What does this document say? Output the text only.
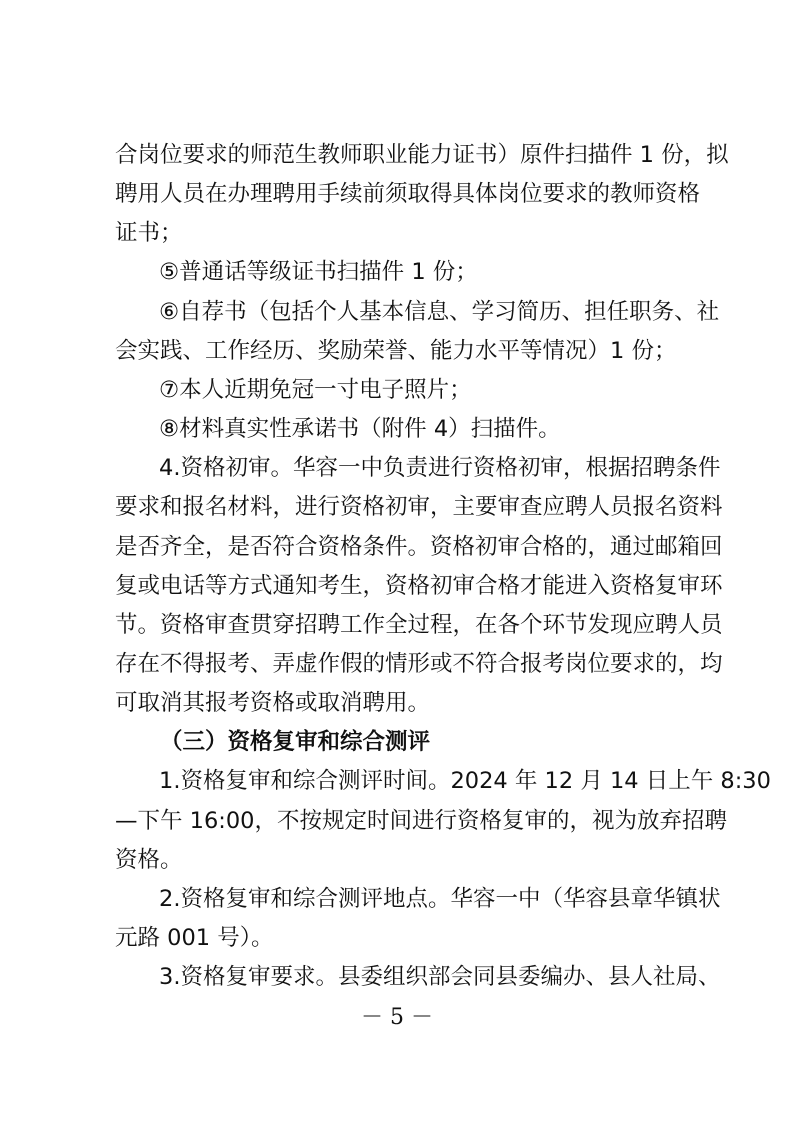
合岗位要求的师范生教师职业能力证书）原件扫描件 1 份，拟
聘用人员在办理聘用手续前须取得具体岗位要求的教师资格
证书；
⑤普通话等级证书扫描件 1 份；
⑥自荐书（包括个人基本信息、学习简历、担任职务、社
会实践、工作经历、奖励荣誉、能力水平等情况）1 份；
⑦本人近期免冠一寸电子照片；
⑧材料真实性承诺书（附件 4）扫描件。
4.资格初审。华容一中负责进行资格初审，根据招聘条件
要求和报名材料，进行资格初审，主要审查应聘人员报名资料
是否齐全，是否符合资格条件。资格初审合格的，通过邮箱回
复或电话等方式通知考生，资格初审合格才能进入资格复审环
节。资格审查贯穿招聘工作全过程，在各个环节发现应聘人员
存在不得报考、弄虚作假的情形或不符合报考岗位要求的，均
可取消其报考资格或取消聘用。
（三）资格复审和综合测评
1.资格复审和综合测评时间。2024 年 12 月 14 日上午 8:30
—下午 16:00，不按规定时间进行资格复审的，视为放弃招聘
资格。
2.资格复审和综合测评地点。华容一中（华容县章华镇状
元路 001 号）。
3.资格复审要求。县委组织部会同县委编办、县人社局、
－ 5 －
